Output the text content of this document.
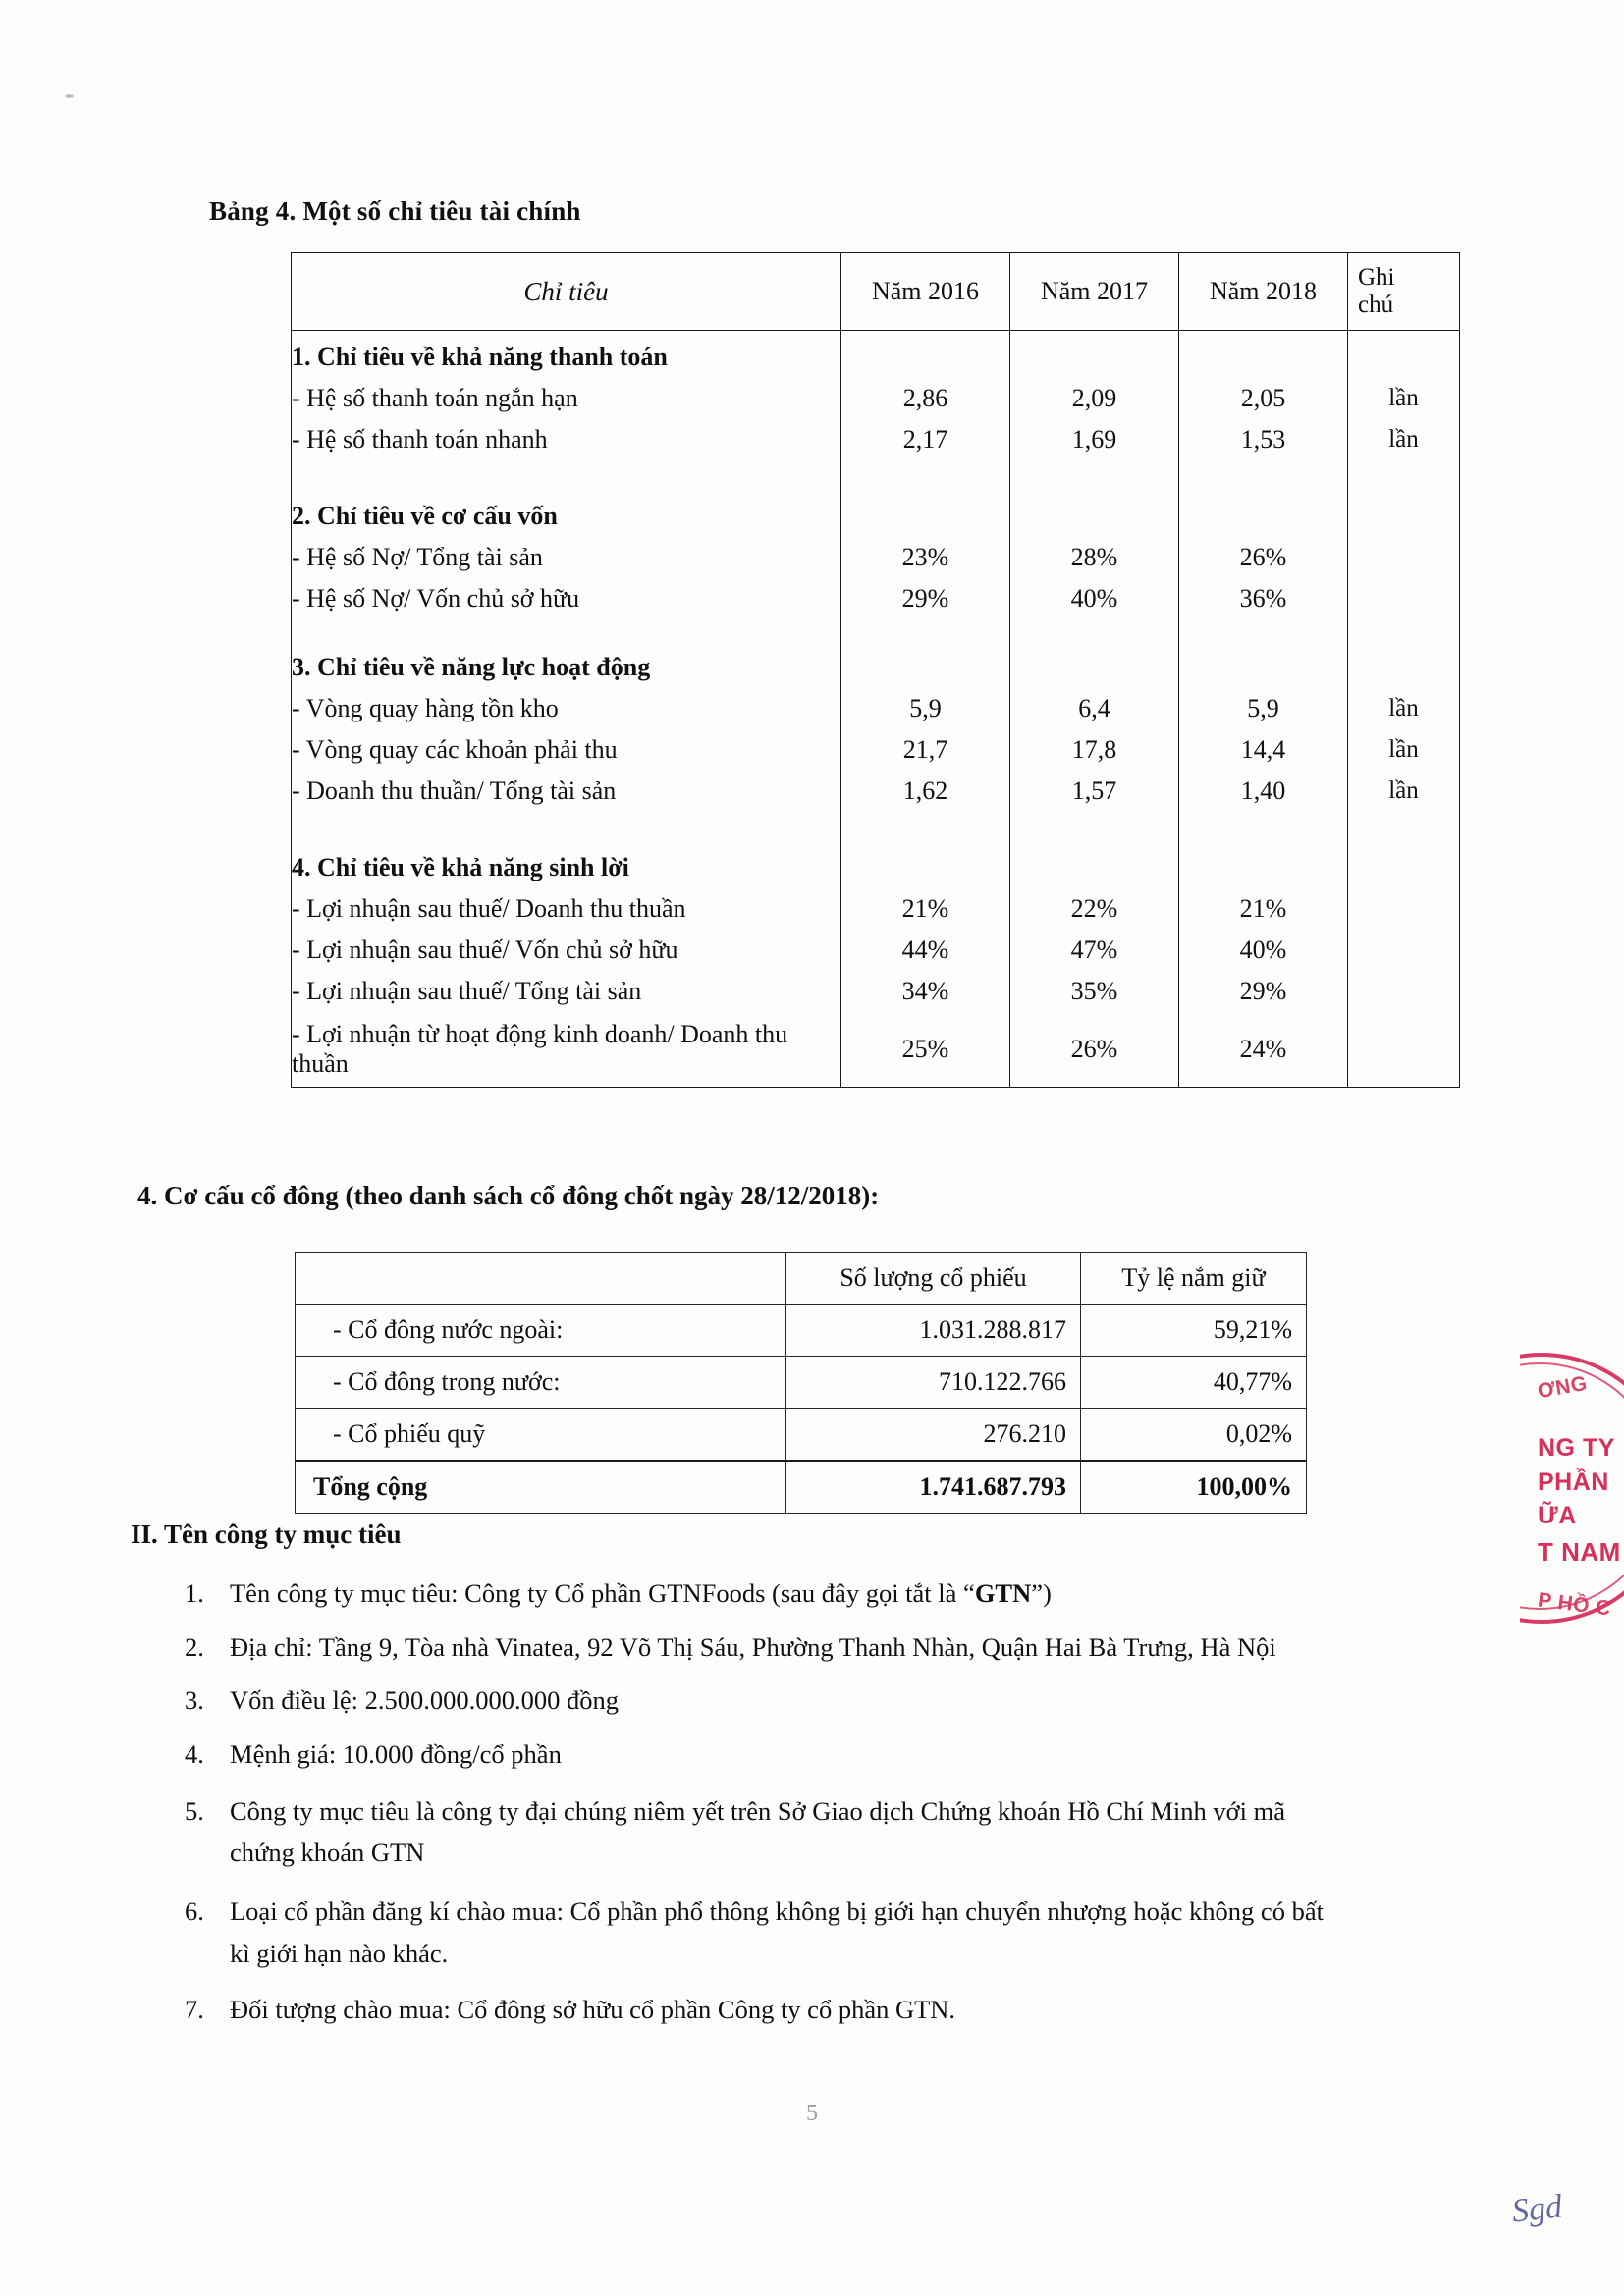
Bảng 4. Một số chỉ tiêu tài chính
Chỉ tiêu	Năm 2016	Năm 2017	Năm 2018	Ghi
chú
1. Chỉ tiêu về khả năng thanh toán				
- Hệ số thanh toán ngắn hạn	2,86	2,09	2,05	lần
- Hệ số thanh toán nhanh	2,17	1,69	1,53	lần

2. Chỉ tiêu về cơ cấu vốn				
- Hệ số Nợ/ Tổng tài sản	23%	28%	26%	
- Hệ số Nợ/ Vốn chủ sở hữu	29%	40%	36%	

3. Chỉ tiêu về năng lực hoạt động				
- Vòng quay hàng tồn kho	5,9	6,4	5,9	lần
- Vòng quay các khoản phải thu	21,7	17,8	14,4	lần
- Doanh thu thuần/ Tổng tài sản	1,62	1,57	1,40	lần

4. Chỉ tiêu về khả năng sinh lời				
- Lợi nhuận sau thuế/ Doanh thu thuần	21%	22%	21%	
- Lợi nhuận sau thuế/ Vốn chủ sở hữu	44%	47%	40%	
- Lợi nhuận sau thuế/ Tổng tài sản	34%	35%	29%	
- Lợi nhuận từ hoạt động kinh doanh/ Doanh thu thuần	25%	26%	24%	
4. Cơ cấu cổ đông (theo danh sách cổ đông chốt ngày 28/12/2018):
	Số lượng cổ phiếu	Tỷ lệ nắm giữ
- Cổ đông nước ngoài:	1.031.288.817	59,21%
- Cổ đông trong nước:	710.122.766	40,77%
- Cổ phiếu quỹ	276.210	0,02%
Tổng cộng	1.741.687.793	100,00%
II. Tên công ty mục tiêu
1. Tên công ty mục tiêu: Công ty Cổ phần GTNFoods (sau đây gọi tắt là “GTN”)
2. Địa chỉ: Tầng 9, Tòa nhà Vinatea, 92 Võ Thị Sáu, Phường Thanh Nhàn, Quận Hai Bà Trưng, Hà Nội
3. Vốn điều lệ: 2.500.000.000.000 đồng
4. Mệnh giá: 10.000 đồng/cổ phần
5. Công ty mục tiêu là công ty đại chúng niêm yết trên Sở Giao dịch Chứng khoán Hồ Chí Minh với mã chứng khoán GTN
6. Loại cổ phần đăng kí chào mua: Cổ phần phổ thông không bị giới hạn chuyển nhượng hoặc không có bất kì giới hạn nào khác.
7. Đối tượng chào mua: Cổ đông sở hữu cổ phần Công ty cổ phần GTN.
ƠNG
NG TY
PHẦN
ỮA
T NAM
P HỒ C
5
Sgd
